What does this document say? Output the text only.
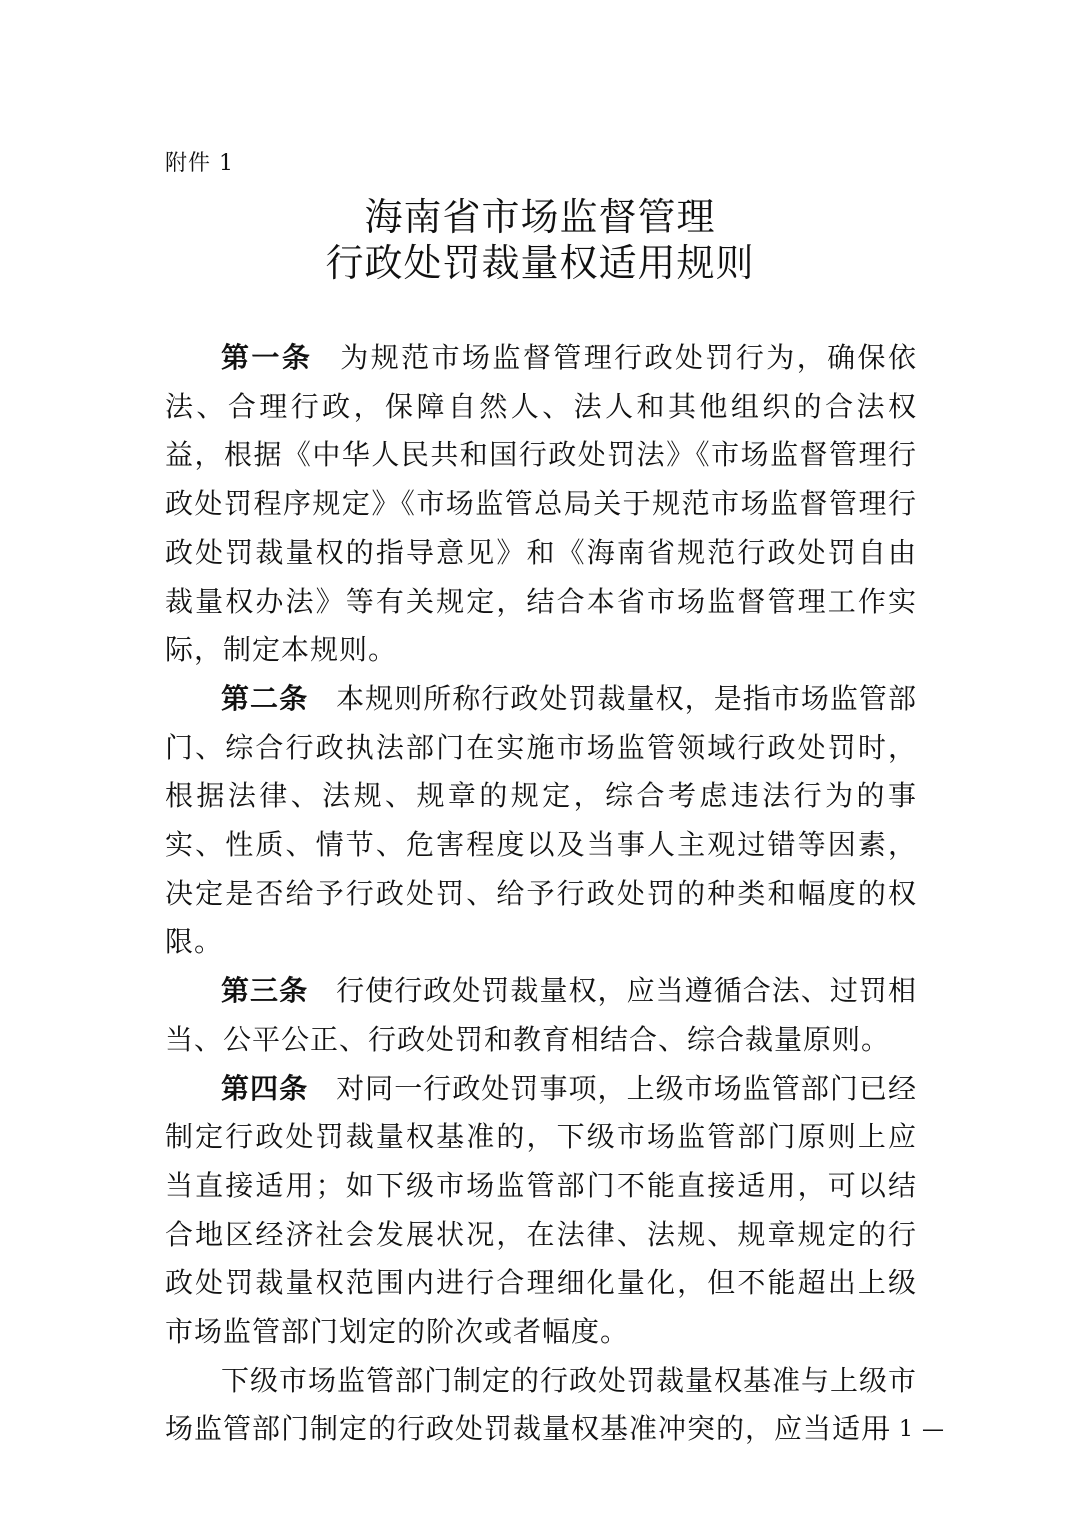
附件 1
海南省市场监督管理
行政处罚裁量权适用规则

第一条 为规范市场监督管理行政处罚行为，确保依法、合理行政，保障自然人、法人和其他组织的合法权益，根据《中华人民共和国行政处罚法》《市场监督管理行政处罚程序规定》《市场监管总局关于规范市场监督管理行政处罚裁量权的指导意见》和《海南省规范行政处罚自由裁量权办法》等有关规定，结合本省市场监督管理工作实际，制定本规则。

第二条 本规则所称行政处罚裁量权，是指市场监管部门、综合行政执法部门在实施市场监管领域行政处罚时，根据法律、法规、规章的规定，综合考虑违法行为的事实、性质、情节、危害程度以及当事人主观过错等因素，决定是否给予行政处罚、给予行政处罚的种类和幅度的权限。

第三条 行使行政处罚裁量权，应当遵循合法、过罚相当、公平公正、行政处罚和教育相结合、综合裁量原则。

第四条 对同一行政处罚事项，上级市场监管部门已经制定行政处罚裁量权基准的，下级市场监管部门原则上应当直接适用；如下级市场监管部门不能直接适用，可以结合地区经济社会发展状况，在法律、法规、规章规定的行政处罚裁量权范围内进行合理细化量化，但不能超出上级市场监管部门划定的阶次或者幅度。

下级市场监管部门制定的行政处罚裁量权基准与上级市场监管部门制定的行政处罚裁量权基准冲突的，应当适用

— 1 —
